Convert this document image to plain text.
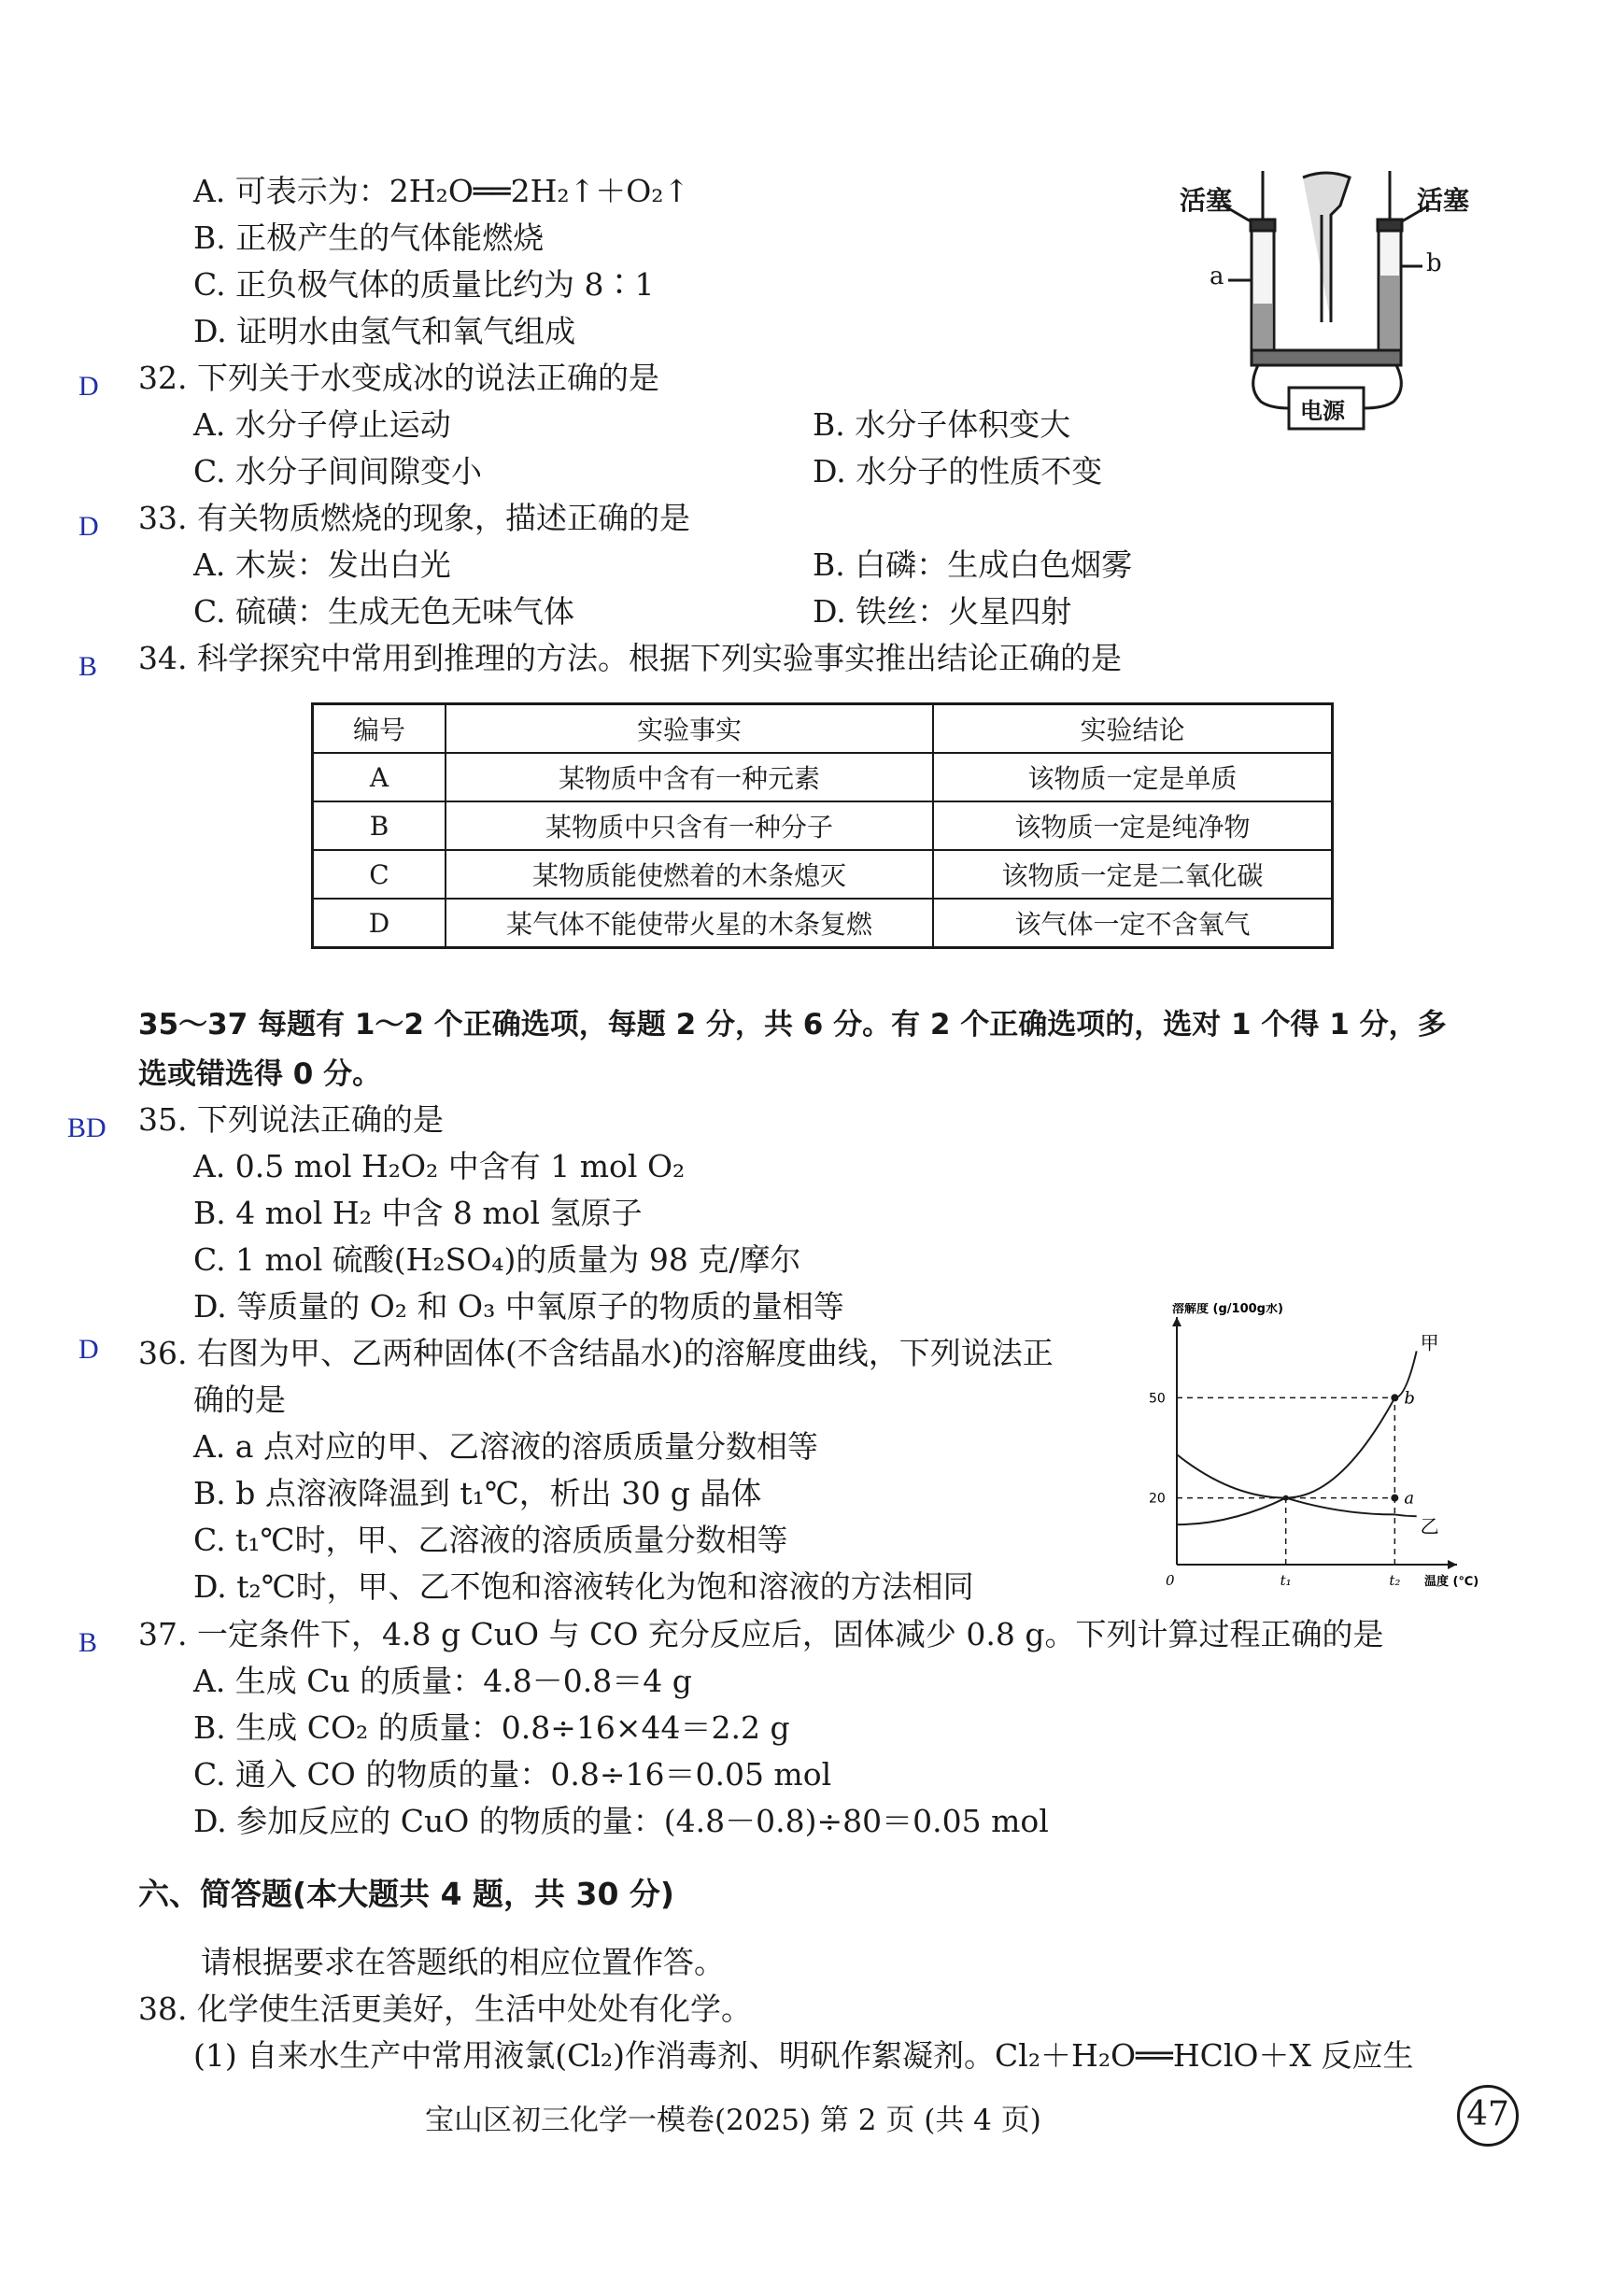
A. 可表示为：2H₂O══2H₂↑＋O₂↑
B. 正极产生的气体能燃烧
C. 正负极气体的质量比约为 8∶1
D. 证明水由氢气和氧气组成
活塞	活塞
a	b
电源
D 32. 下列关于水变成冰的说法正确的是
A. 水分子停止运动	B. 水分子体积变大
C. 水分子间间隙变小	D. 水分子的性质不变
D 33. 有关物质燃烧的现象，描述正确的是
A. 木炭：发出白光	B. 白磷：生成白色烟雾
C. 硫磺：生成无色无味气体	D. 铁丝：火星四射
B 34. 科学探究中常用到推理的方法。根据下列实验事实推出结论正确的是
编号	实验事实	实验结论
A	某物质中含有一种元素	该物质一定是单质
B	某物质中只含有一种分子	该物质一定是纯净物
C	某物质能使燃着的木条熄灭	该物质一定是二氧化碳
D	某气体不能使带火星的木条复燃	该气体一定不含氧气
35～37 每题有 1～2 个正确选项，每题 2 分，共 6 分。有 2 个正确选项的，选对 1 个得 1 分，多
选或错选得 0 分。
BD 35. 下列说法正确的是
A. 0.5 mol H₂O₂ 中含有 1 mol O₂
B. 4 mol H₂ 中含 8 mol 氢原子
C. 1 mol 硫酸(H₂SO₄)的质量为 98 克/摩尔
D. 等质量的 O₂ 和 O₃ 中氧原子的物质的量相等
D 36. 右图为甲、乙两种固体(不含结晶水)的溶解度曲线，下列说法正
确的是
A. a 点对应的甲、乙溶液的溶质质量分数相等
B. b 点溶液降温到 t₁℃，析出 30 g 晶体
C. t₁℃时，甲、乙溶液的溶质质量分数相等
D. t₂℃时，甲、乙不饱和溶液转化为饱和溶液的方法相同
溶解度 (g/100g水)
温度 (℃)
20
50
0	t₁	t₂
甲
乙
a
b
B 37. 一定条件下，4.8 g CuO 与 CO 充分反应后，固体减少 0.8 g。下列计算过程正确的是
A. 生成 Cu 的质量：4.8－0.8＝4 g
B. 生成 CO₂ 的质量：0.8÷16×44＝2.2 g
C. 通入 CO 的物质的量：0.8÷16＝0.05 mol
D. 参加反应的 CuO 的物质的量：(4.8－0.8)÷80＝0.05 mol
六、简答题(本大题共 4 题，共 30 分)
请根据要求在答题纸的相应位置作答。
38. 化学使生活更美好，生活中处处有化学。
(1) 自来水生产中常用液氯(Cl₂)作消毒剂、明矾作絮凝剂。Cl₂＋H₂O══HClO＋X 反应生
宝山区初三化学一模卷(2025) 第 2 页 (共 4 页)	47
